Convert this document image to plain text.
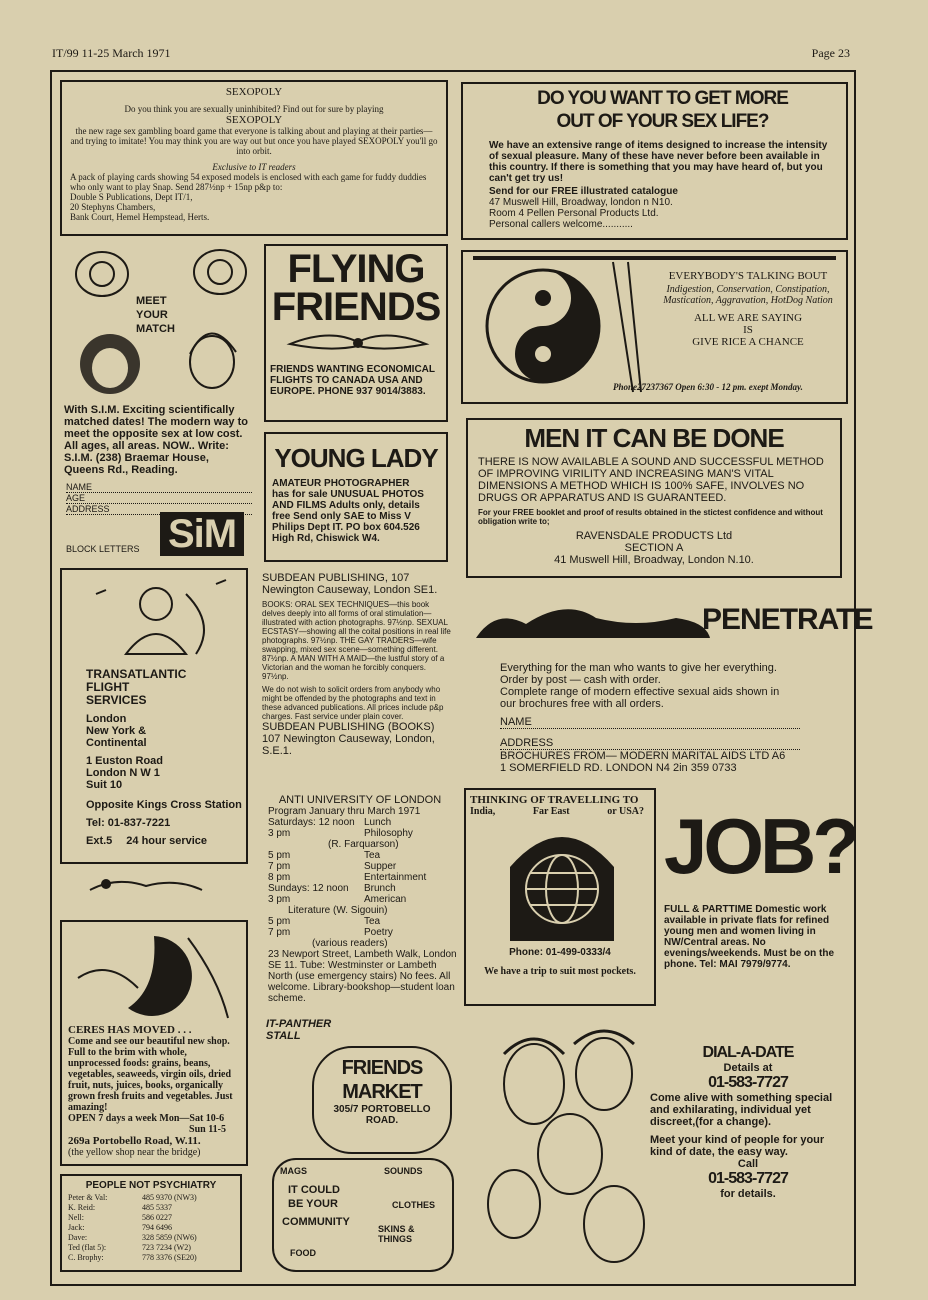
IT/99 11-25 March 1971	Page 23
SEXOPOLY
Do you think you are sexually uninhibited? Find out for sure by playing
SEXOPOLY
the new rage sex gambling board game that everyone is talking about and playing at their parties—and trying to imitate! You may think you are way out but once you have played SEXOPOLY you'll go into orbit.
Exclusive to IT readers
A pack of playing cards showing 54 exposed models is enclosed with each game for fuddy duddies who only want to play Snap. Send 287½np + 15np p&p to:
Double S Publications, Dept IT/1,
20 Stephyns Chambers,
Bank Court, Hemel Hempstead, Herts.
DO YOU WANT TO GET MORE
OUT OF YOUR SEX LIFE?
We have an extensive range of items designed to increase the intensity of sexual pleasure. Many of these have never before been available in this country. If there is something that you may have heard of, but you can't get try us!
Send for our FREE illustrated catalogue
47 Muswell Hill, Broadway, london n N10.
Room 4 Pellen Personal Products Ltd.
Personal callers welcome...........
MEET
YOUR
MATCH
With S.I.M. Exciting scientifically matched dates! The modern way to meet the opposite sex at low cost. All ages, all areas. NOW.. Write: S.I.M. (238) Braemar House, Queens Rd., Reading.
NAME
AGE
ADDRESS
BLOCK LETTERS SiM
FLYING
FRIENDS
FRIENDS WANTING ECONOMICAL FLIGHTS TO CANADA USA AND EUROPE. PHONE 937 9014/3883.
EVERYBODY'S TALKING BOUT
Indigestion, Conservation, Constipation, Mastication, Aggravation, HotDog Nation
ALL WE ARE SAYING
IS
GIVE RICE A CHANCE
Phone27237367 Open 6:30 - 12 pm. exept Monday.
YOUNG LADY
AMATEUR PHOTOGRAPHER
has for sale UNUSUAL PHOTOS AND FILMS Adults only, details free Send only SAE to Miss V Philips Dept IT. PO box 604.526 High Rd, Chiswick W4.
MEN IT CAN BE DONE
THERE IS NOW AVAILABLE A SOUND AND SUCCESSFUL METHOD OF IMPROVING VIRILITY AND INCREASING MAN'S VITAL DIMENSIONS A METHOD WHICH IS 100% SAFE, INVOLVES NO DRUGS OR APPARATUS AND IS GUARANTEED.
For your FREE booklet and proof of results obtained in the stictest confidence and without obligation write to;
RAVENSDALE PRODUCTS Ltd
SECTION A
41 Muswell Hill, Broadway, London N.10.
TRANSATLANTIC
FLIGHT
SERVICES
London
New York &
Continental
1 Euston Road
London N W 1
Suit 10
Opposite Kings Cross Station
Tel: 01-837-7221
Ext.5 24 hour service
SUBDEAN PUBLISHING, 107
Newington Causeway, London SE1.
BOOKS: ORAL SEX TECHNIQUES—this book delves deeply into all forms of oral stimulation—illustrated with action photographs. 97½np. SEXUAL ECSTASY—showing all the coital positions in real life photographs. 97½np. THE GAY TRADERS—wife swapping, mixed sex scene—something different. 87½np. A MAN WITH A MAID—the lustful story of a Victorian and the woman he forcibly conquers. 97½np.
We do not wish to solicit orders from anybody who might be offended by the photographs and text in these advanced publications. All prices include p&p charges. Fast service under plain cover.
SUBDEAN PUBLISHING (BOOKS) 107 Newington Causeway, London, S.E.1.
PENETRATE
Everything for the man who wants to give her everything.
Order by post — cash with order.
Complete range of modern effective sexual aids shown in
our brochures free with all orders.
NAME
ADDRESS
BROCHURES FROM— MODERN MARITAL AIDS LTD A6
1 SOMERFIELD RD. LONDON N4 2in 359 0733
ANTI UNIVERSITY OF LONDON
Program January thru March 1971
Saturdays: 12 noon Lunch
3 pm	Philosophy
(R. Farquarson)
5 pm	Tea
7 pm	Supper
8 pm	Entertainment
Sundays: 12 noon	Brunch
3 pm	American
Literature (W. Sigouin)
5 pm	Tea
7 pm	Poetry
(various readers)
23 Newport Street, Lambeth Walk, London SE 11. Tube: Westminster or Lambeth North (use emergency stairs) No fees. All welcome. Library-bookshop—student loan scheme.
THINKING OF TRAVELLING TO
India,	Far East	or USA?
Phone: 01-499-0333/4
We have a trip to suit most pockets.
JOB?
FULL & PARTTIME Domestic work available in private flats for refined young men and women living in NW/Central areas. No evenings/weekends. Must be on the phone. Tel: MAI 7979/9774.
CERES HAS MOVED . . .
Come and see our beautiful new shop. Full to the brim with whole, unprocessed foods: grains, beans, vegetables, seaweeds, virgin oils, dried fruit, nuts, juices, books, organically grown fresh fruits and vegetables. Just amazing!
OPEN 7 days a week Mon—Sat 10-6
Sun 11-5
269a Portobello Road, W.11.
(the yellow shop near the bridge)
IT-PANTHER
STALL
FRIENDS
MARKET
305/7 PORTOBELLO
ROAD.
MAGS	SOUNDS
IT COULD
BE YOUR
COMMUNITY
CLOTHES
SKINS & THINGS
FOOD
DIAL-A-DATE
Details at
01-583-7727
Come alive with something special and exhilarating, individual yet discreet,(for a change).
Meet your kind of people for your kind of date, the easy way.
Call
01-583-7727
for details.
PEOPLE NOT PSYCHIATRY
Peter & Val:	485 9370 (NW3)
K. Reid:	485 5337
Nell:	586 0227
Jack:	794 6496
Dave:	328 5859 (NW6)
Ted (flat 5):	723 7234 (W2)
C. Brophy:	778 3376 (SE20)
